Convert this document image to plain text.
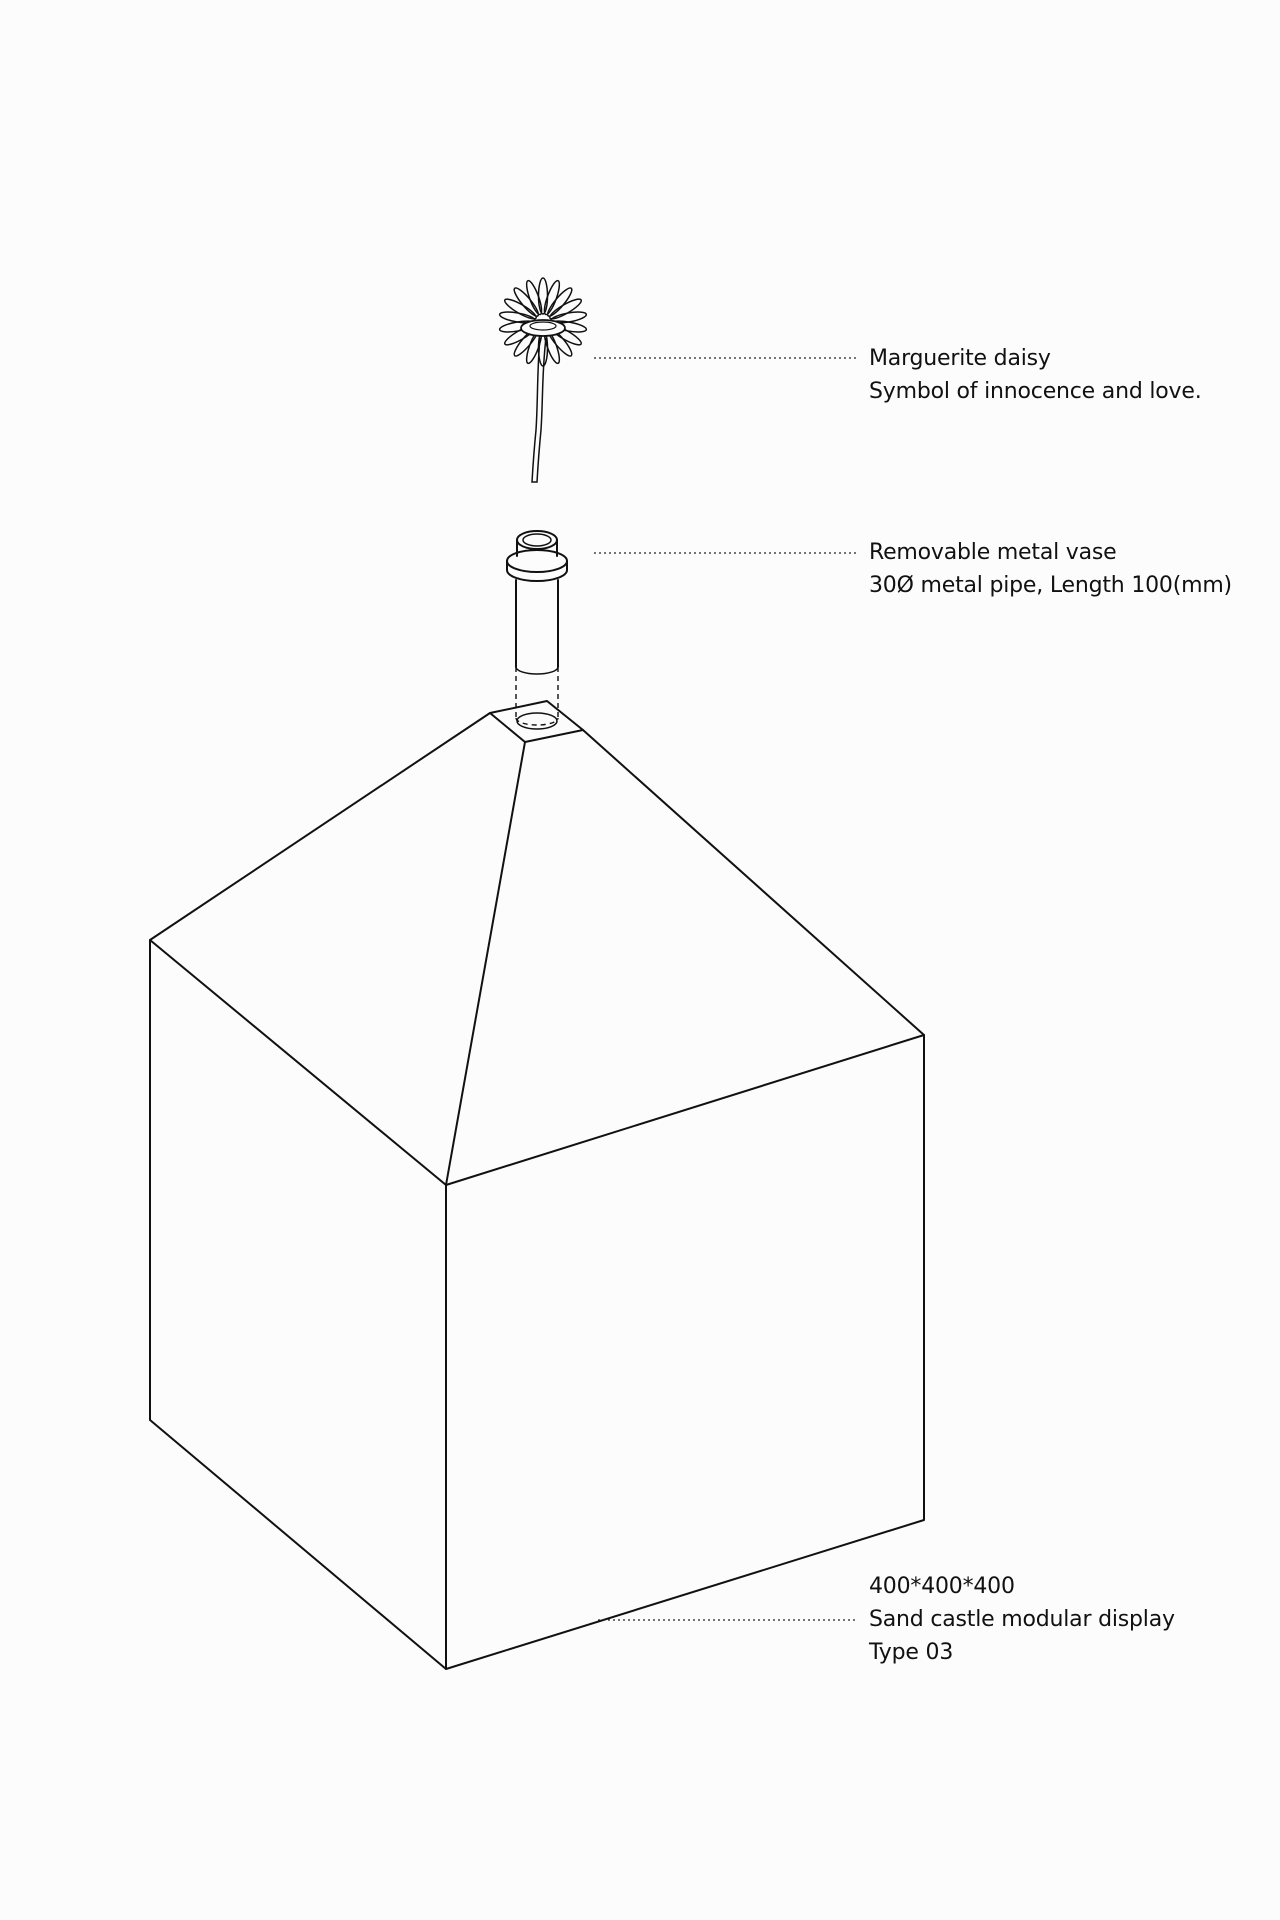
Marguerite daisy
Symbol of innocence and love.
Removable metal vase
30Ø metal pipe, Length 100(mm)
400*400*400
Sand castle modular display
Type 03
